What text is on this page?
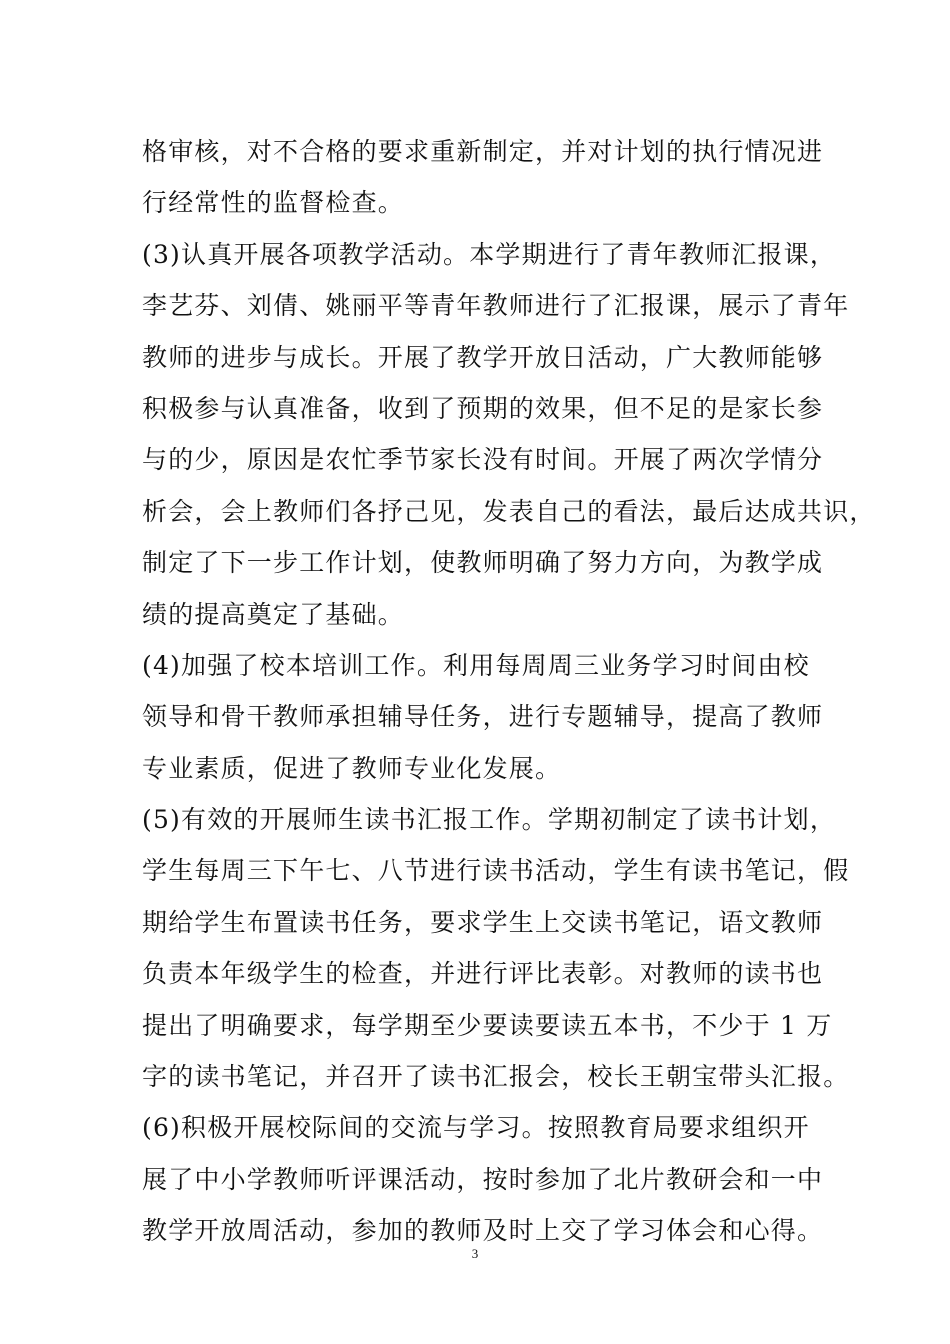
格审核，对不合格的要求重新制定，并对计划的执行情况进
行经常性的监督检查。
(3)认真开展各项教学活动。本学期进行了青年教师汇报课，
李艺芬、刘倩、姚丽平等青年教师进行了汇报课，展示了青年
教师的进步与成长。开展了教学开放日活动，广大教师能够
积极参与认真准备，收到了预期的效果，但不足的是家长参
与的少，原因是农忙季节家长没有时间。开展了两次学情分
析会，会上教师们各抒己见，发表自己的看法，最后达成共识，
制定了下一步工作计划，使教师明确了努力方向，为教学成
绩的提高奠定了基础。
(4)加强了校本培训工作。利用每周周三业务学习时间由校
领导和骨干教师承担辅导任务，进行专题辅导，提高了教师
专业素质，促进了教师专业化发展。
(5)有效的开展师生读书汇报工作。学期初制定了读书计划，
学生每周三下午七、八节进行读书活动，学生有读书笔记，假
期给学生布置读书任务，要求学生上交读书笔记，语文教师
负责本年级学生的检查，并进行评比表彰。对教师的读书也
提出了明确要求，每学期至少要读要读五本书，不少于 1 万
字的读书笔记，并召开了读书汇报会，校长王朝宝带头汇报。
(6)积极开展校际间的交流与学习。按照教育局要求组织开
展了中小学教师听评课活动，按时参加了北片教研会和一中
教学开放周活动，参加的教师及时上交了学习体会和心得。
3
